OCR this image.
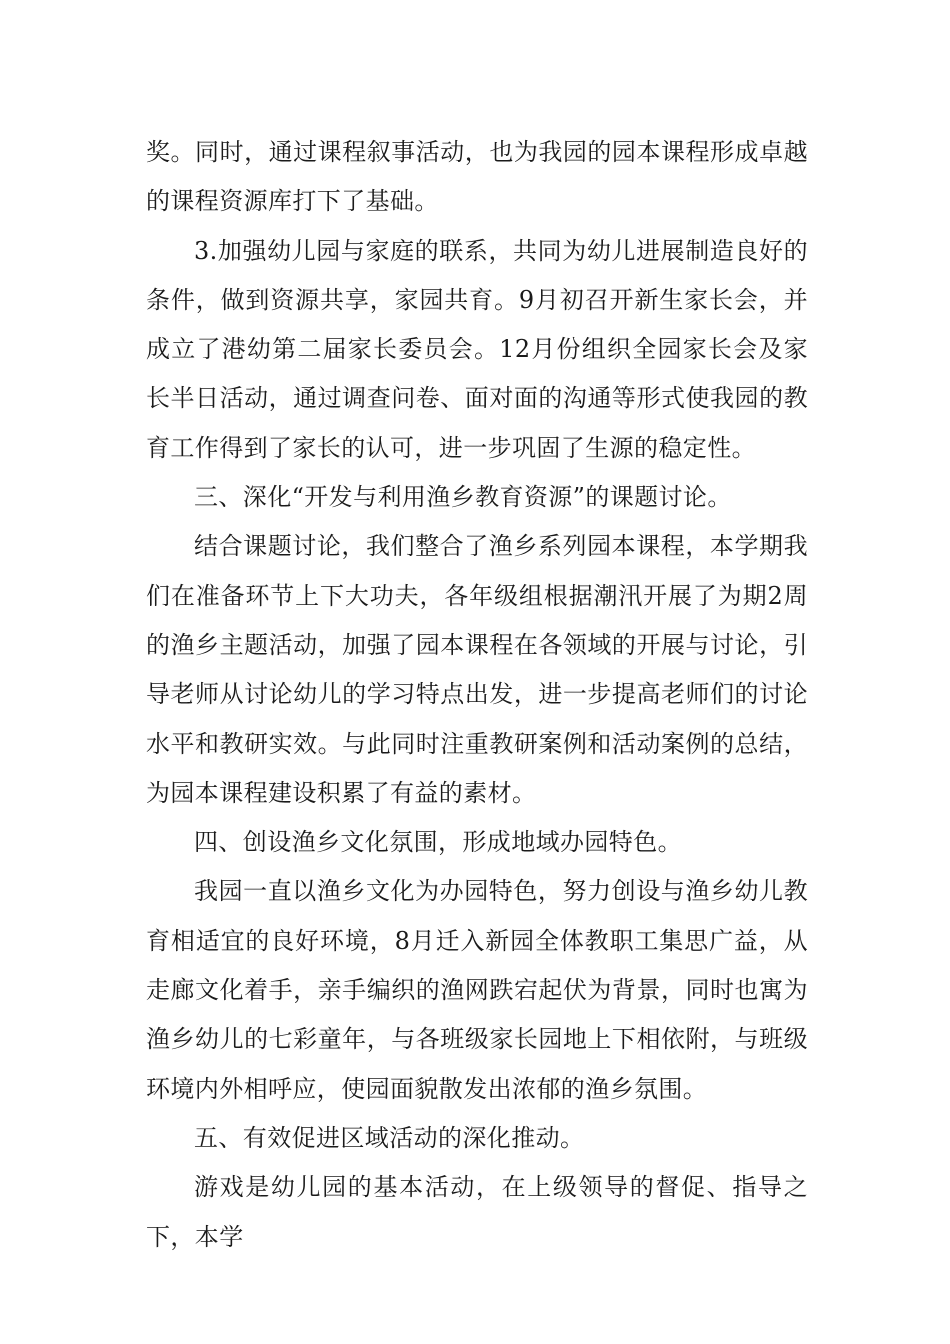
奖。同时，通过课程叙事活动，也为我园的园本课程形成卓越的课程资源库打下了基础。

3.加强幼儿园与家庭的联系，共同为幼儿进展制造良好的条件，做到资源共享，家园共育。9月初召开新生家长会，并成立了港幼第二届家长委员会。12月份组织全园家长会及家长半日活动，通过调查问卷、面对面的沟通等形式使我园的教育工作得到了家长的认可，进一步巩固了生源的稳定性。

三、深化“开发与利用渔乡教育资源”的课题讨论。

结合课题讨论，我们整合了渔乡系列园本课程，本学期我们在准备环节上下大功夫，各年级组根据潮汛开展了为期2周的渔乡主题活动，加强了园本课程在各领域的开展与讨论，引导老师从讨论幼儿的学习特点出发，进一步提高老师们的讨论水平和教研实效。与此同时注重教研案例和活动案例的总结，为园本课程建设积累了有益的素材。

四、创设渔乡文化氛围，形成地域办园特色。

我园一直以渔乡文化为办园特色，努力创设与渔乡幼儿教育相适宜的良好环境，8月迁入新园全体教职工集思广益，从走廊文化着手，亲手编织的渔网跌宕起伏为背景，同时也寓为渔乡幼儿的七彩童年，与各班级家长园地上下相依附，与班级环境内外相呼应，使园面貌散发出浓郁的渔乡氛围。

五、有效促进区域活动的深化推动。

游戏是幼儿园的基本活动，在上级领导的督促、指导之下，本学
